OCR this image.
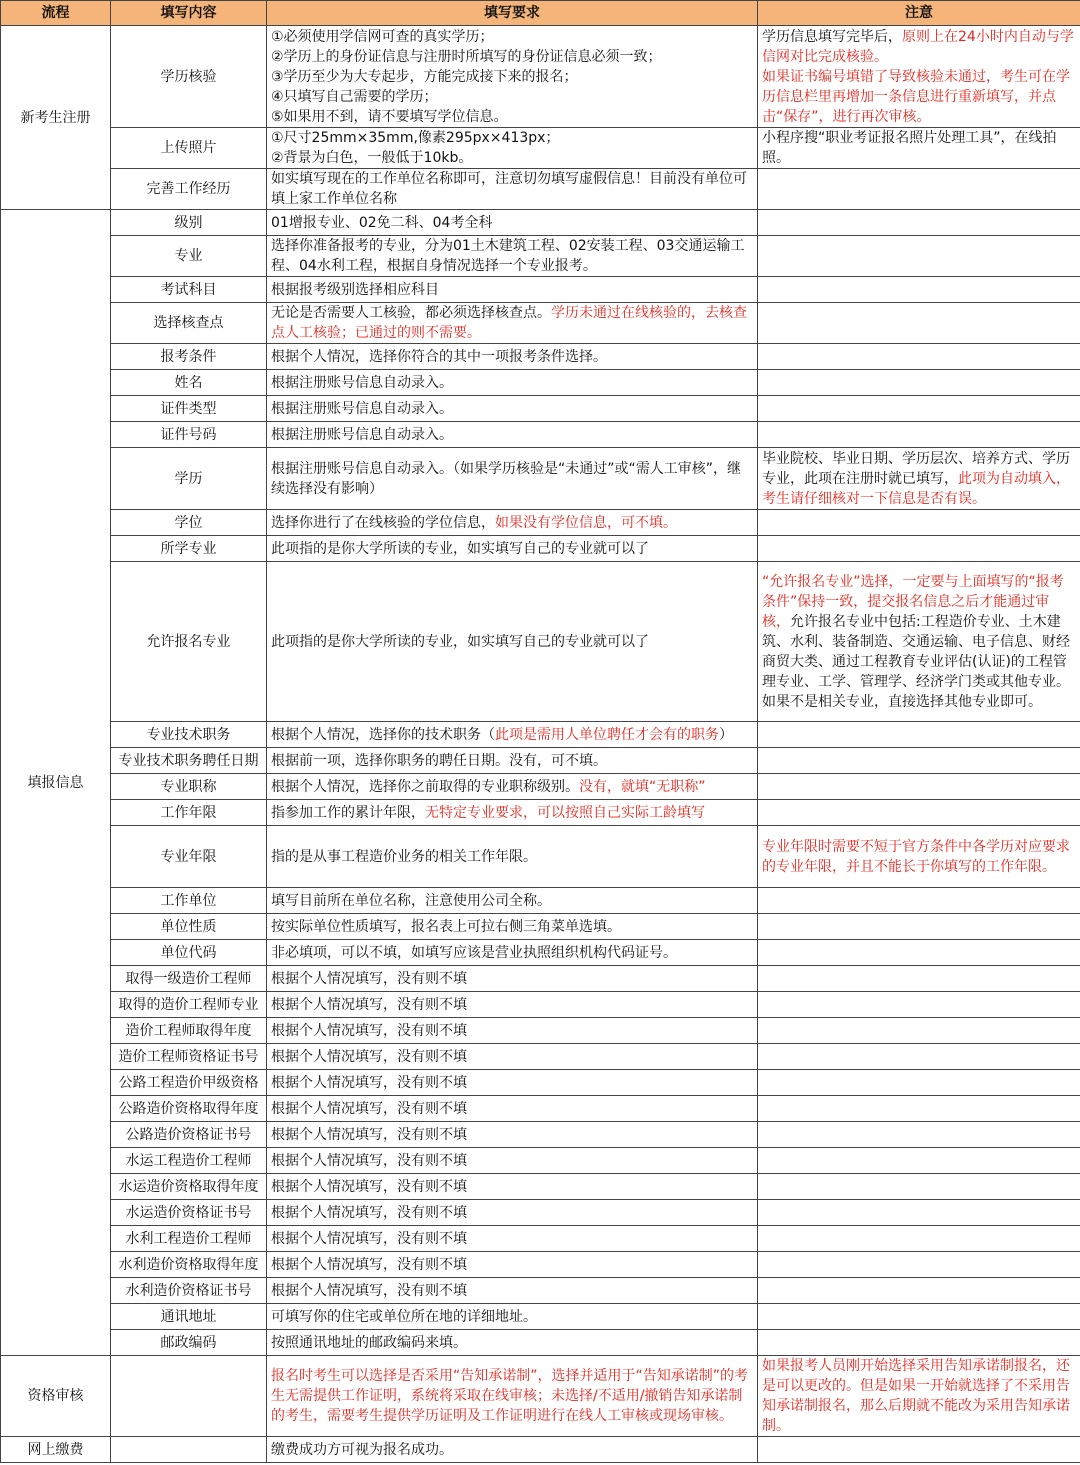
流程	填写内容	填写要求	注意
新考生注册	学历核验	①必须使用学信网可查的真实学历；
②学历上的身份证信息与注册时所填写的身份证信息必须一致；
③学历至少为大专起步，方能完成接下来的报名；
④只填写自己需要的学历；
⑤如果用不到，请不要填写学位信息。	学历信息填写完毕后，原则上在24小时内自动与学信网对比完成核验。
如果证书编号填错了导致核验未通过，考生可在学历信息栏里再增加一条信息进行重新填写，并点击“保存”，进行再次审核。
	上传照片	①尺寸25mm×35mm,像素295px×413px；
②背景为白色，一般低于10kb。	小程序搜“职业考证报名照片处理工具”，在线拍照。
	完善工作经历	如实填写现在的工作单位名称即可，注意切勿填写虚假信息！目前没有单位可填上家工作单位名称	
填报信息	级别	01增报专业、02免二科、04考全科	
	专业	选择你准备报考的专业，分为01土木建筑工程、02安装工程、03交通运输工程、04水利工程，根据自身情况选择一个专业报考。	
	考试科目	根据报考级别选择相应科目	
	选择核查点	无论是否需要人工核验，都必须选择核查点。学历未通过在线核验的，去核查点人工核验；已通过的则不需要。	
	报考条件	根据个人情况，选择你符合的其中一项报考条件选择。	
	姓名	根据注册账号信息自动录入。	
	证件类型	根据注册账号信息自动录入。	
	证件号码	根据注册账号信息自动录入。	
	学历	根据注册账号信息自动录入。（如果学历核验是“未通过”或“需人工审核”，继续选择没有影响）	毕业院校、毕业日期、学历层次、培养方式、学历专业，此项在注册时就已填写，此项为自动填入，考生请仔细核对一下信息是否有误。
	学位	选择你进行了在线核验的学位信息，如果没有学位信息，可不填。	
	所学专业	此项指的是你大学所读的专业，如实填写自己的专业就可以了	
	允许报名专业	此项指的是你大学所读的专业，如实填写自己的专业就可以了	“允许报名专业”选择，一定要与上面填写的“报考条件”保持一致，提交报名信息之后才能通过审核，允许报名专业中包括:工程造价专业、土木建筑、水利、装备制造、交通运输、电子信息、财经商贸大类、通过工程教育专业评估(认证)的工程管理专业、工学、管理学、经济学门类或其他专业。如果不是相关专业，直接选择其他专业即可。
	专业技术职务	根据个人情况，选择你的技术职务（此项是需用人单位聘任才会有的职务）	
	专业技术职务聘任日期	根据前一项，选择你职务的聘任日期。没有，可不填。	
	专业职称	根据个人情况，选择你之前取得的专业职称级别。没有，就填“无职称”	
	工作年限	指参加工作的累计年限，无特定专业要求，可以按照自己实际工龄填写	
	专业年限	指的是从事工程造价业务的相关工作年限。	专业年限时需要不短于官方条件中各学历对应要求的专业年限，并且不能长于你填写的工作年限。
	工作单位	填写目前所在单位名称，注意使用公司全称。	
	单位性质	按实际单位性质填写，报名表上可拉右侧三角菜单选填。	
	单位代码	非必填项，可以不填，如填写应该是营业执照组织机构代码证号。	
	取得一级造价工程师	根据个人情况填写，没有则不填	
	取得的造价工程师专业	根据个人情况填写，没有则不填	
	造价工程师取得年度	根据个人情况填写，没有则不填	
	造价工程师资格证书号	根据个人情况填写，没有则不填	
	公路工程造价甲级资格	根据个人情况填写，没有则不填	
	公路造价资格取得年度	根据个人情况填写，没有则不填	
	公路造价资格证书号	根据个人情况填写，没有则不填	
	水运工程造价工程师	根据个人情况填写，没有则不填	
	水运造价资格取得年度	根据个人情况填写，没有则不填	
	水运造价资格证书号	根据个人情况填写，没有则不填	
	水利工程造价工程师	根据个人情况填写，没有则不填	
	水利造价资格取得年度	根据个人情况填写，没有则不填	
	水利造价资格证书号	根据个人情况填写，没有则不填	
	通讯地址	可填写你的住宅或单位所在地的详细地址。	
	邮政编码	按照通讯地址的邮政编码来填。	
资格审核		报名时考生可以选择是否采用“告知承诺制”，选择并适用于“告知承诺制”的考生无需提供工作证明，系统将采取在线审核；未选择/不适用/撤销告知承诺制的考生，需要考生提供学历证明及工作证明进行在线人工审核或现场审核。	如果报考人员刚开始选择采用告知承诺制报名，还是可以更改的。但是如果一开始就选择了不采用告知承诺制报名，那么后期就不能改为采用告知承诺制。
网上缴费		缴费成功方可视为报名成功。	
